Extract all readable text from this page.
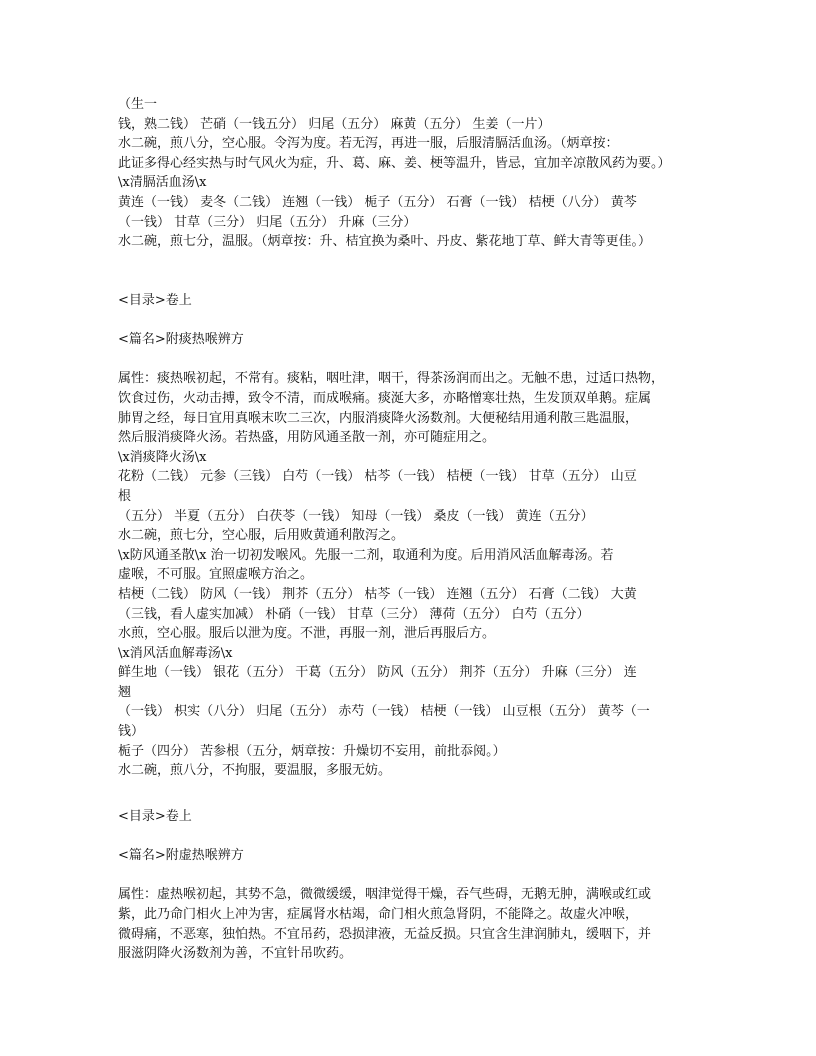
（生一
钱，熟二钱） 芒硝（一钱五分） 归尾（五分） 麻黄（五分） 生姜（一片）
水二碗，煎八分，空心服。令泻为度。若无泻，再进一服，后服清膈活血汤。（炳章按：
此证多得心经实热与时气风火为症，升、葛、麻、姜、梗等温升，皆忌，宜加辛凉散风药为要。）
\x清膈活血汤\x
黄连（一钱） 麦冬（二钱） 连翘（一钱） 栀子（五分） 石膏（一钱） 桔梗（八分） 黄芩
（一钱） 甘草（三分） 归尾（五分） 升麻（三分）
水二碗，煎七分，温服。（炳章按：升、桔宜换为桑叶、丹皮、紫花地丁草、鲜大青等更佳。）
<目录>卷上
<篇名>附痰热喉辨方
属性：痰热喉初起，不常有。痰粘，咽吐津，咽干，得茶汤润而出之。无触不患，过适口热物，
饮食过伤，火动击搏，致令不清，而成喉痛。痰涎大多，亦略憎寒壮热，生发顶双单鹅。症属
肺胃之经，每日宜用真喉末吹二三次，内服消痰降火汤数剂。大便秘结用通利散三匙温服，
然后服消痰降火汤。若热盛，用防风通圣散一剂，亦可随症用之。
\x消痰降火汤\x
花粉（二钱） 元参（三钱） 白芍（一钱） 枯芩（一钱） 桔梗（一钱） 甘草（五分） 山豆
根
（五分） 半夏（五分） 白茯苓（一钱） 知母（一钱） 桑皮（一钱） 黄连（五分）
水二碗，煎七分，空心服，后用败黄通利散泻之。
\x防风通圣散\x 治一切初发喉风。先服一二剂，取通利为度。后用消风活血解毒汤。若
虚喉，不可服。宜照虚喉方治之。
桔梗（二钱） 防风（一钱） 荆芥（五分） 枯芩（一钱） 连翘（五分） 石膏（二钱） 大黄
（三钱，看人虚实加减） 朴硝（一钱） 甘草（三分） 薄荷（五分） 白芍（五分）
水煎，空心服。服后以泄为度。不泄，再服一剂，泄后再服后方。
\x消风活血解毒汤\x
鲜生地（一钱） 银花（五分） 干葛（五分） 防风（五分） 荆芥（五分） 升麻（三分） 连
翘
（一钱） 枳实（八分） 归尾（五分） 赤芍（一钱） 桔梗（一钱） 山豆根（五分） 黄芩（一
钱）
栀子（四分） 苦参根（五分，炳章按：升燥切不妄用，前批忝阅。）
水二碗，煎八分，不拘服，要温服，多服无妨。
<目录>卷上
<篇名>附虚热喉辨方
属性：虚热喉初起，其势不急，微微缓缓，咽津觉得干燥，吞气些碍，无鹅无肿，满喉或红或
紫，此乃命门相火上冲为害，症属肾水枯竭，命门相火煎急肾阴，不能降之。故虚火冲喉，
微碍痛，不恶寒，独怕热。不宜吊药，恐损津液，无益反损。只宜含生津润肺丸，缓咽下，并
服滋阴降火汤数剂为善，不宜针吊吹药。
